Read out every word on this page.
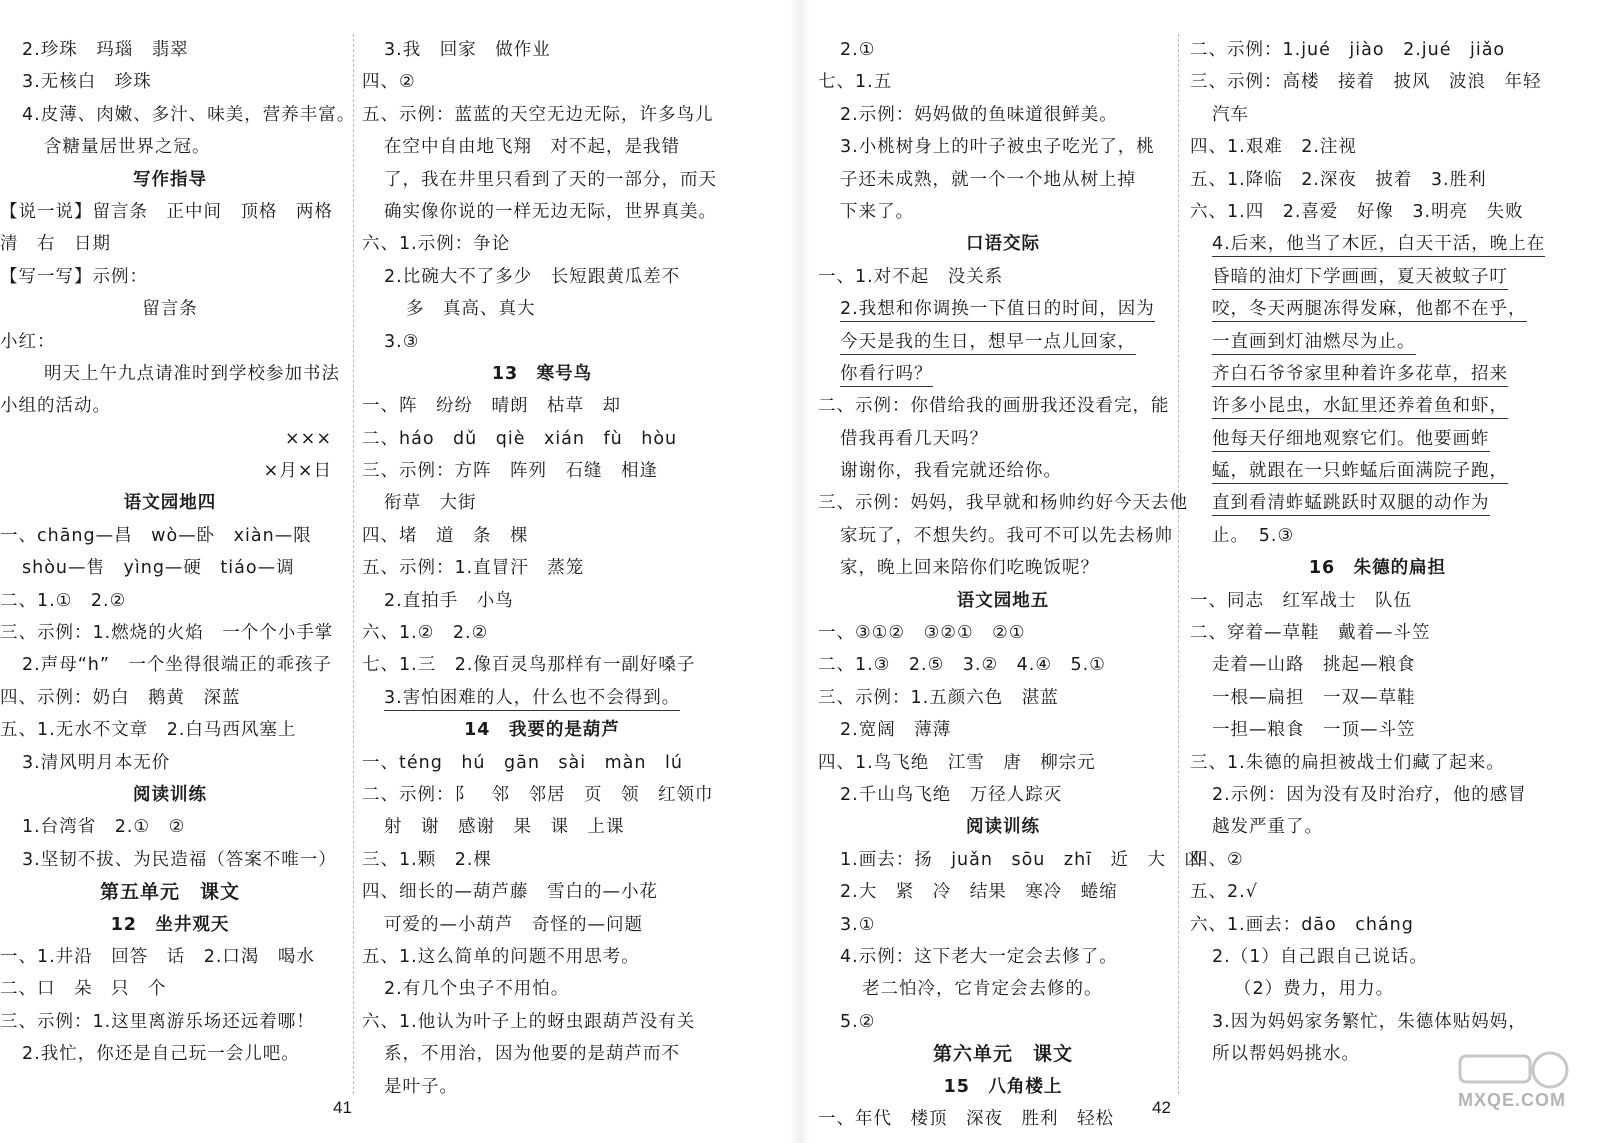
2.珍珠　玛瑙　翡翠
3.无核白　珍珠
4.皮薄、肉嫩、多汁、味美，营养丰富。
含糖量居世界之冠。
写作指导
【说一说】留言条　正中间　顶格　两格
清　右　日期
【写一写】示例：
留言条
小红：
明天上午九点请准时到学校参加书法
小组的活动。
×××
×月×日
语文园地四
一、chāng—昌　wò—卧　xiàn—限
shòu—售　yìng—硬　tiáo—调
二、1.①　2.②
三、示例：1.燃烧的火焰　一个个小手掌
2.声母“h”　一个坐得很端正的乖孩子
四、示例：奶白　鹅黄　深蓝
五、1.无水不文章　2.白马西风塞上
3.清风明月本无价
阅读训练
1.台湾省　2.①　②
3.坚韧不拔、为民造福（答案不唯一）
第五单元　课文
12　坐井观天
一、1.井沿　回答　话　2.口渴　喝水
二、口　朵　只　个
三、示例：1.这里离游乐场还远着哪！
2.我忙，你还是自己玩一会儿吧。
3.我　回家　做作业
四、②
五、示例：蓝蓝的天空无边无际，许多鸟儿
在空中自由地飞翔　对不起，是我错
了，我在井里只看到了天的一部分，而天
确实像你说的一样无边无际，世界真美。
六、1.示例：争论
2.比碗大不了多少　长短跟黄瓜差不
多　真高、真大
3.③
13　寒号鸟
一、阵　纷纷　晴朗　枯草　却
二、háo　dǔ　qiè　xián　fù　hòu
三、示例：方阵　阵列　石缝　相逢
衔草　大街
四、堵　道　条　棵
五、示例：1.直冒汗　蒸笼
2.直拍手　小鸟
六、1.②　2.②
七、1.三　2.像百灵鸟那样有一副好嗓子
3.害怕困难的人，什么也不会得到。
14　我要的是葫芦
一、téng　hú　gān　sài　màn　lú
二、示例：阝　邻　邻居　页　领　红领巾
射　谢　感谢　果　课　上课
三、1.颗　2.棵
四、细长的—葫芦藤　雪白的—小花
可爱的—小葫芦　奇怪的—问题
五、1.这么简单的问题不用思考。
2.有几个虫子不用怕。
六、1.他认为叶子上的蚜虫跟葫芦没有关
系，不用治，因为他要的是葫芦而不
是叶子。
2.①
七、1.五
2.示例：妈妈做的鱼味道很鲜美。
3.小桃树身上的叶子被虫子吃光了，桃
子还未成熟，就一个一个地从树上掉
下来了。
口语交际
一、1.对不起　没关系
2.我想和你调换一下值日的时间，因为
今天是我的生日，想早一点儿回家，
你看行吗？
二、示例：你借给我的画册我还没看完，能
借我再看几天吗？
谢谢你，我看完就还给你。
三、示例：妈妈，我早就和杨帅约好今天去他
家玩了，不想失约。我可不可以先去杨帅
家，晚上回来陪你们吃晚饭呢？
语文园地五
一、③①②　③②①　②①
二、1.③　2.⑤　3.②　4.④　5.①
三、示例：1.五颜六色　湛蓝
2.宽阔　薄薄
四、1.鸟飞绝　江雪　唐　柳宗元
2.千山鸟飞绝　万径人踪灭
阅读训练
1.画去：扬　juǎn　sōu　zhī　近　大　凶
2.大　紧　冷　结果　寒冷　蜷缩
3.①
4.示例：这下老大一定会去修了。
老二怕冷，它肯定会去修的。
5.②
第六单元　课文
15　八角楼上
一、年代　楼顶　深夜　胜利　轻松
二、示例：1.jué　jiào　2.jué　jiǎo
三、示例：高楼　接着　披风　波浪　年轻
汽车
四、1.艰难　2.注视
五、1.降临　2.深夜　披着　3.胜利
六、1.四　2.喜爱　好像　3.明亮　失败
4.后来，他当了木匠，白天干活，晚上在
昏暗的油灯下学画画，夏天被蚊子叮
咬，冬天两腿冻得发麻，他都不在乎，
一直画到灯油燃尽为止。
齐白石爷爷家里种着许多花草，招来
许多小昆虫，水缸里还养着鱼和虾，
他每天仔细地观察它们。他要画蚱
蜢，就跟在一只蚱蜢后面满院子跑，
直到看清蚱蜢跳跃时双腿的动作为
止。　5.③
16　朱德的扁担
一、同志　红军战士　队伍
二、穿着—草鞋　戴着—斗笠
走着—山路　挑起—粮食
一根—扁担　一双—草鞋
一担—粮食　一顶—斗笠
三、1.朱德的扁担被战士们藏了起来。
2.示例：因为没有及时治疗，他的感冒
越发严重了。
四、②
五、2.√
六、1.画去：dāo　cháng
2.（1）自己跟自己说话。
（2）费力，用力。
3.因为妈妈家务繁忙，朱德体贴妈妈，
所以帮妈妈挑水。
41	42	MXQE.COM
